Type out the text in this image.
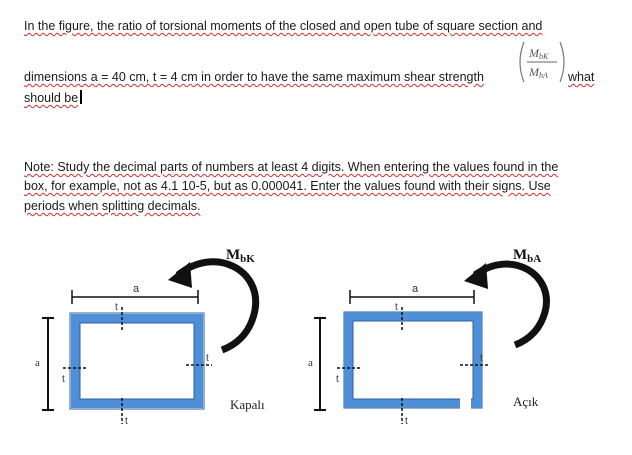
In the figure, the ratio of torsional moments of the closed and open tube of square section and
dimensions a = 40 cm, t = 4 cm in order to have the same maximum shear strength	what
should be
MbK
MbA
Note: Study the decimal parts of numbers at least 4 digits. When entering the values found in the
box, for example, not as 4.1 10-5, but as 0.000041. Enter the values found with their signs. Use
periods when splitting decimals.
a
a
t
t
t
t
$M_{bK}$
Kapalı
a
a
t
t
t
t
$M_{bA}$
Açık
